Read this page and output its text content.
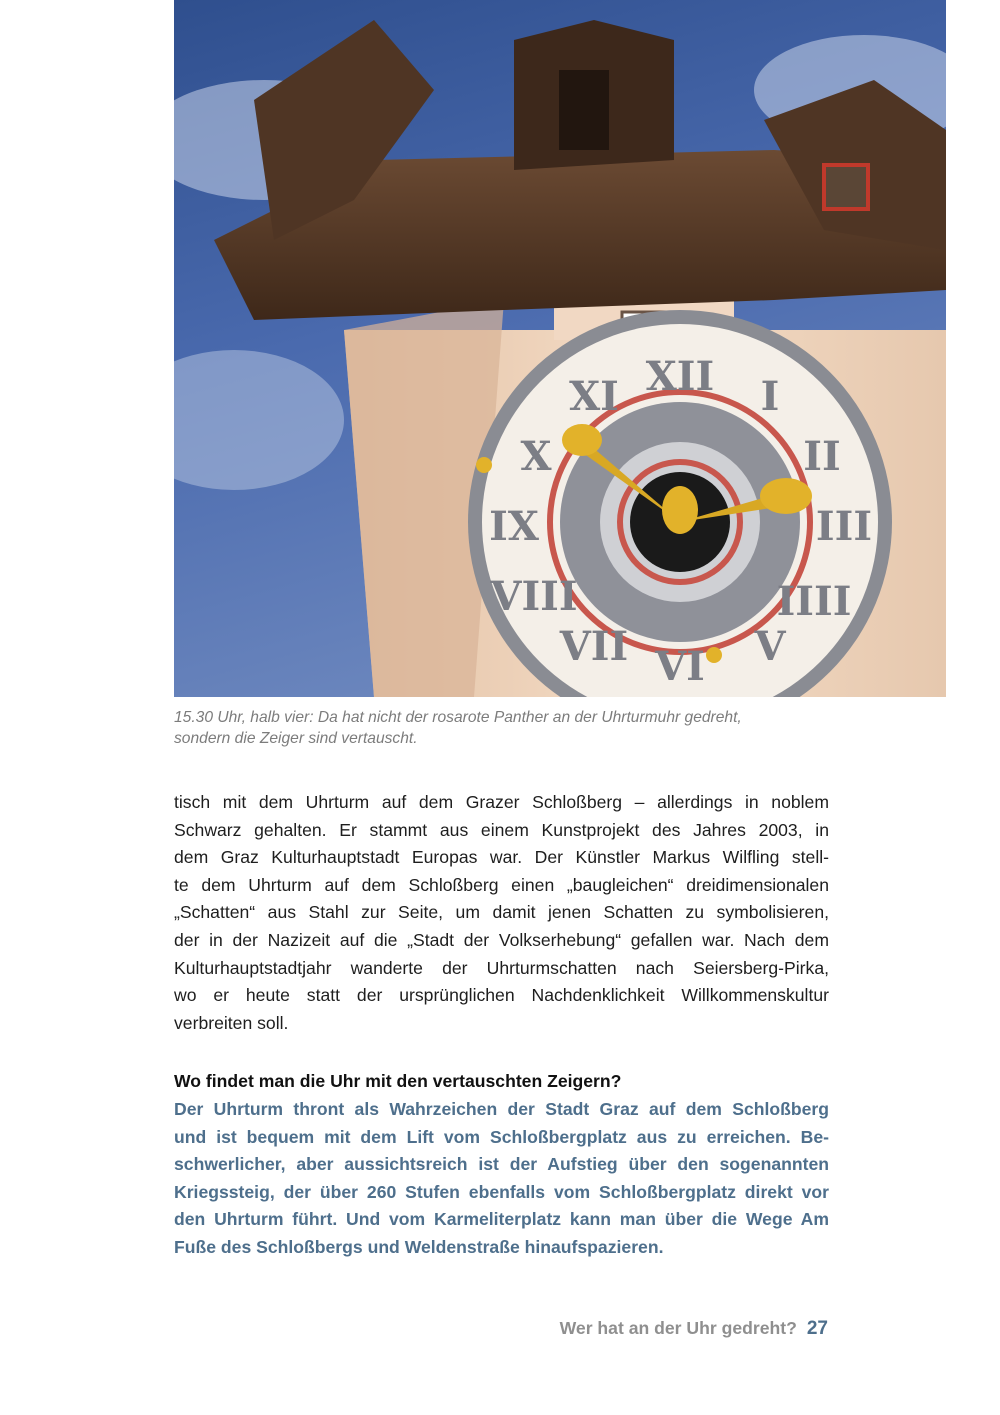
XII I
II
III
IIII
V
VI
VII
VIII
IX
X
XI
15.30 Uhr, halb vier: Da hat nicht der rosarote Panther an der Uhrturmuhr gedreht,
sondern die Zeiger sind vertauscht.
tisch mit dem Uhrturm auf dem Grazer Schloßberg – allerdings in noblem
Schwarz gehalten. Er stammt aus einem Kunstprojekt des Jahres 2003, in
dem Graz Kulturhauptstadt Europas war. Der Künstler Markus Wilfling stell-
te dem Uhrturm auf dem Schloßberg einen „baugleichen“ dreidimensionalen
„Schatten“ aus Stahl zur Seite, um damit jenen Schatten zu symbolisieren,
der in der Nazizeit auf die „Stadt der Volkserhebung“ gefallen war. Nach dem
Kulturhauptstadtjahr wanderte der Uhrturmschatten nach Seiersberg-Pirka,
wo er heute statt der ursprünglichen Nachdenklichkeit Willkommenskultur
verbreiten soll.
Wo findet man die Uhr mit den vertauschten Zeigern?
Der Uhrturm thront als Wahrzeichen der Stadt Graz auf dem Schloßberg
und ist bequem mit dem Lift vom Schloßbergplatz aus zu erreichen. Be-
schwerlicher, aber aussichtsreich ist der Aufstieg über den sogenannten
Kriegssteig, der über 260 Stufen ebenfalls vom Schloßbergplatz direkt vor
den Uhrturm führt. Und vom Karmeliterplatz kann man über die Wege Am
Fuße des Schloßbergs und Weldenstraße hinaufspazieren.
Wer hat an der Uhr gedreht? 27
